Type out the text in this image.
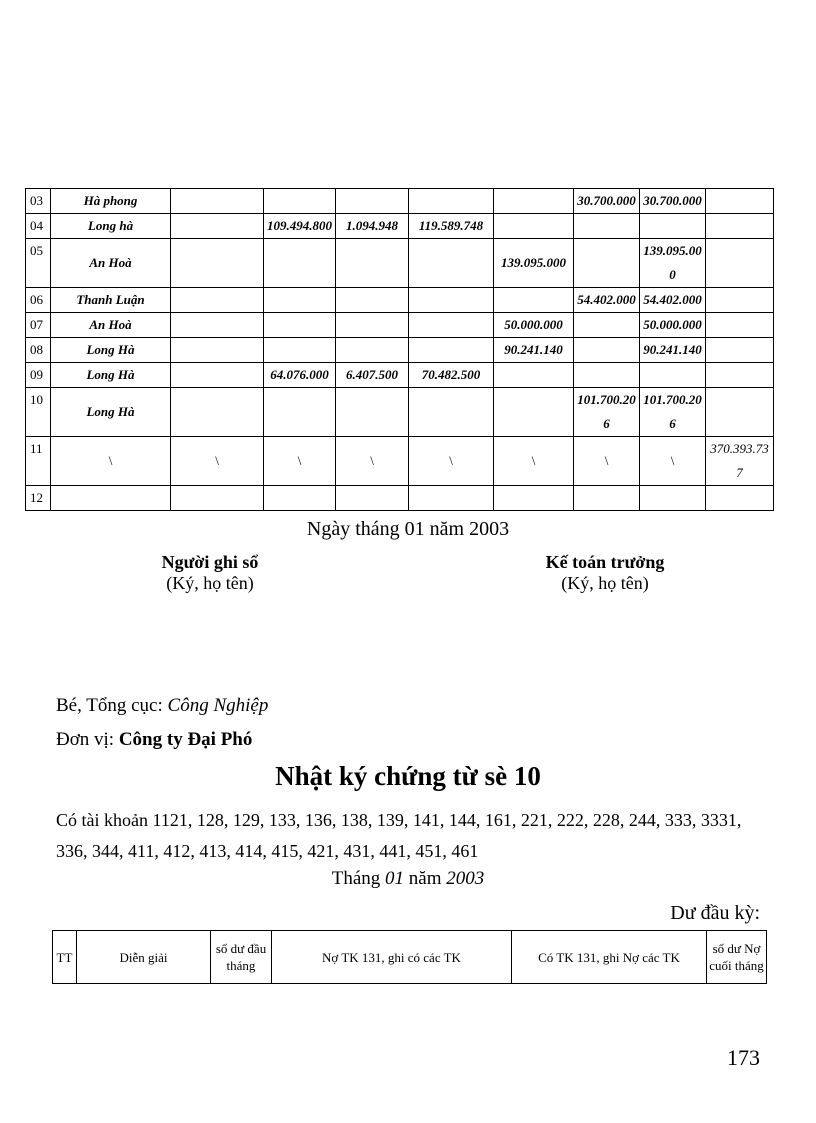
03	Hà phong						30.700.000	30.700.000	
04	Long hà		109.494.800	1.094.948	119.589.748				
05	An Hoà					139.095.000		139.095.000	
06	Thanh Luận						54.402.000	54.402.000	
07	An Hoà					50.000.000		50.000.000	
08	Long Hà					90.241.140		90.241.140	
09	Long Hà		64.076.000	6.407.500	70.482.500				
10	Long Hà						101.700.206	101.700.206	
11	\	\	\	\	\	\	\	\	370.393.737
12									
Ngày tháng 01 năm 2003
Người ghi sổ
(Ký, họ tên)
Kế toán trưởng
(Ký, họ tên)
Bé, Tổng cục: Công Nghiệp
Đơn vị: Công ty Đại Phó
Nhật ký chứng từ sè 10
Có tài khoản 1121, 128, 129, 133, 136, 138, 139, 141, 144, 161, 221, 222, 228, 244, 333, 3331, 336, 344, 411, 412, 413, 414, 415, 421, 431, 441, 451, 461
Tháng 01 năm 2003
Dư đầu kỳ:
TT	Diễn giải	số dư đầu tháng	Nợ TK 131, ghi có các TK	Có TK 131, ghi Nợ các TK	số dư Nợ cuối tháng
173
